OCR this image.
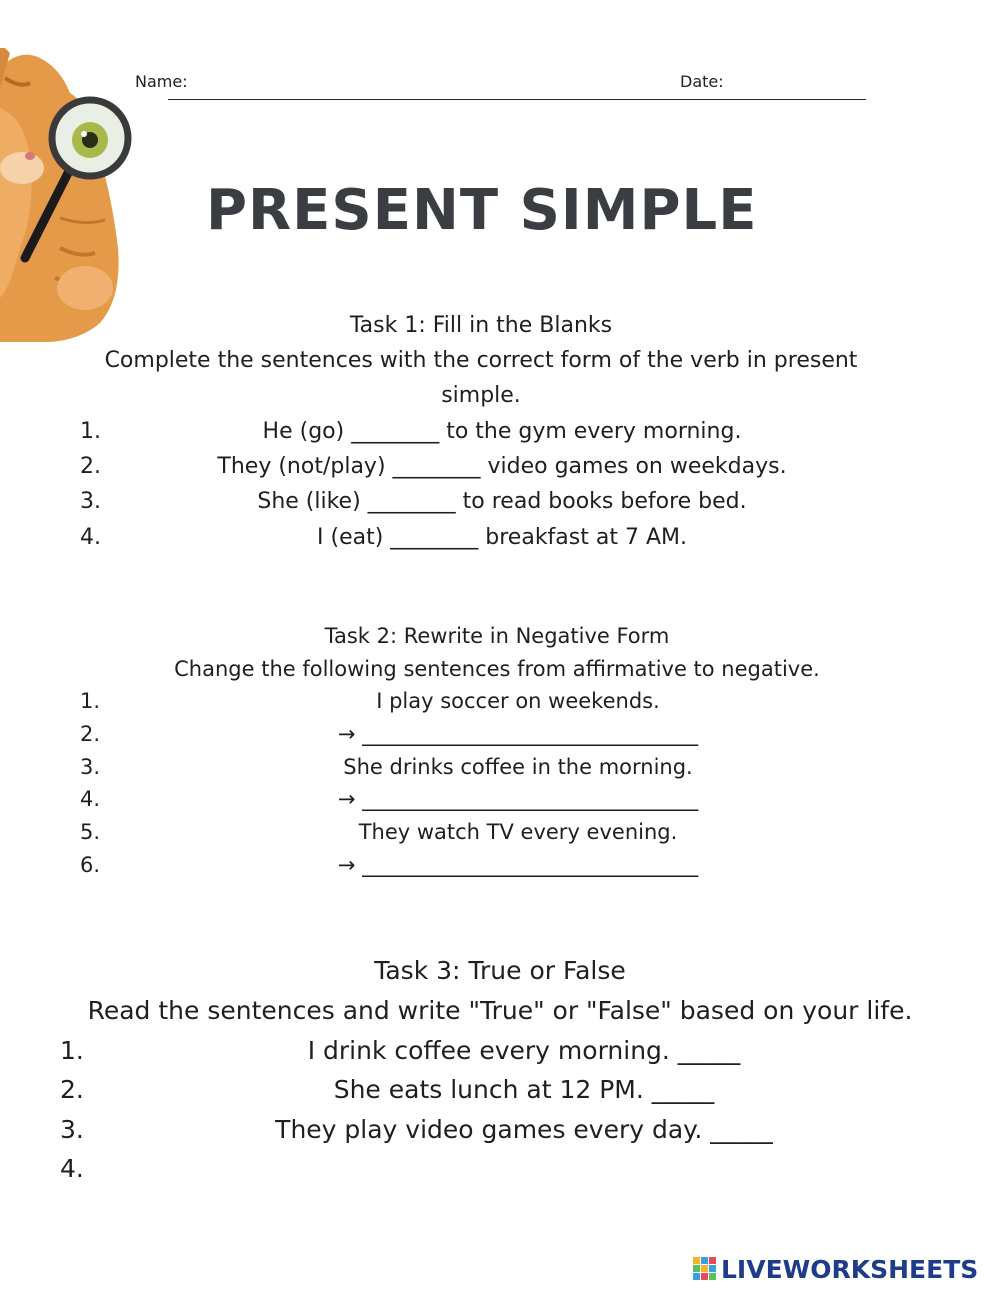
Name:	Date:
PRESENT SIMPLE
Task 1: Fill in the Blanks
Complete the sentences with the correct form of the verb in present
simple.
1.	He (go) ________ to the gym every morning.
2.	They (not/play) ________ video games on weekdays.
3.	She (like) ________ to read books before bed.
4.	I (eat) ________ breakfast at 7 AM.
Task 2: Rewrite in Negative Form
Change the following sentences from affirmative to negative.
1.	I play soccer on weekends.
2.	→ ________________________________
3.	She drinks coffee in the morning.
4.	→ ________________________________
5.	They watch TV every evening.
6.	→ ________________________________
Task 3: True or False
Read the sentences and write "True" or "False" based on your life.
1.	I drink coffee every morning. _____
2.	She eats lunch at 12 PM. _____
3.	They play video games every day. _____
4.
LIVEWORKSHEETS
